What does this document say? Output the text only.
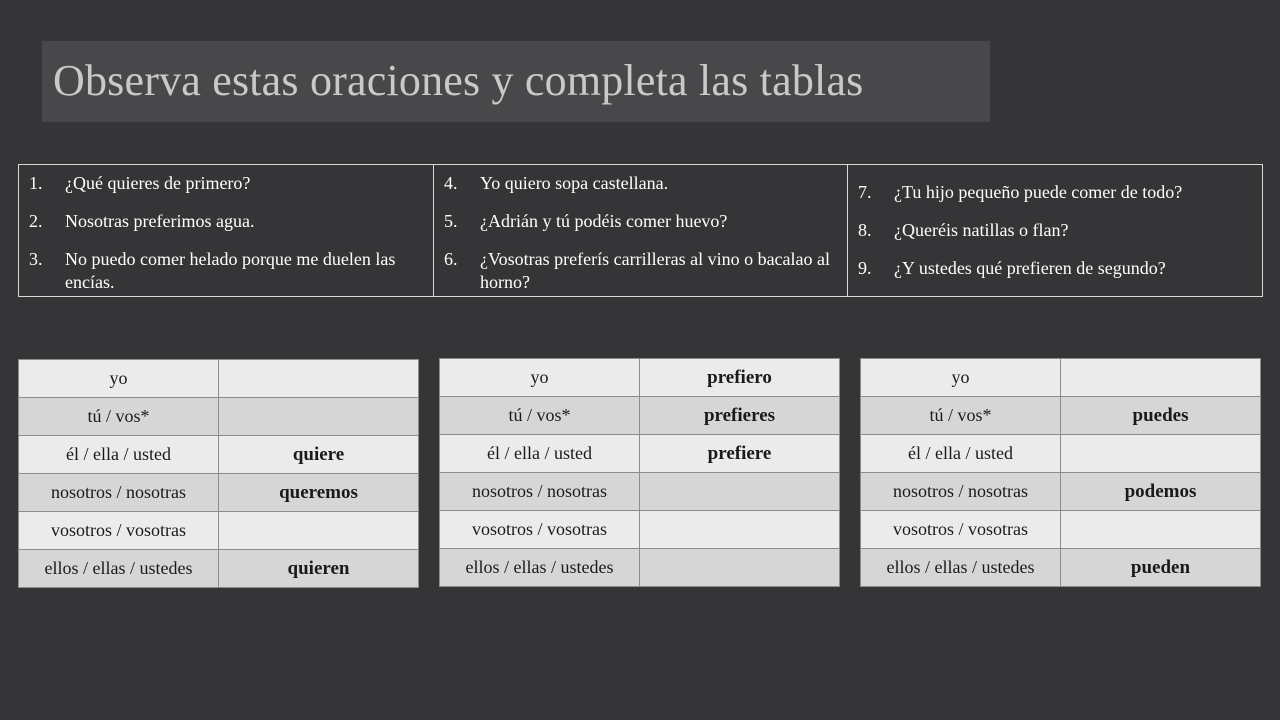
Observa estas oraciones y completa las tablas
1.	¿Qué quieres de primero?
2.	Nosotras preferimos agua.
3.	No puedo comer helado porque me duelen las encías.
4.	Yo quiero sopa castellana.
5.	¿Adrián y tú podéis comer huevo?
6.	¿Vosotras preferís carrilleras al vino o bacalao al horno?
7.	¿Tu hijo pequeño puede comer de todo?
8.	¿Queréis natillas o flan?
9.	¿Y ustedes qué prefieren de segundo?
yo	
tú / vos*	
él / ella / usted	quiere
nosotros / nosotras	queremos
vosotros / vosotras	
ellos / ellas / ustedes	quieren
yo	prefiero
tú / vos*	prefieres
él / ella / usted	prefiere
nosotros / nosotras	
vosotros / vosotras	
ellos / ellas / ustedes	
yo	
tú / vos*	puedes
él / ella / usted	
nosotros / nosotras	podemos
vosotros / vosotras	
ellos / ellas / ustedes	pueden
